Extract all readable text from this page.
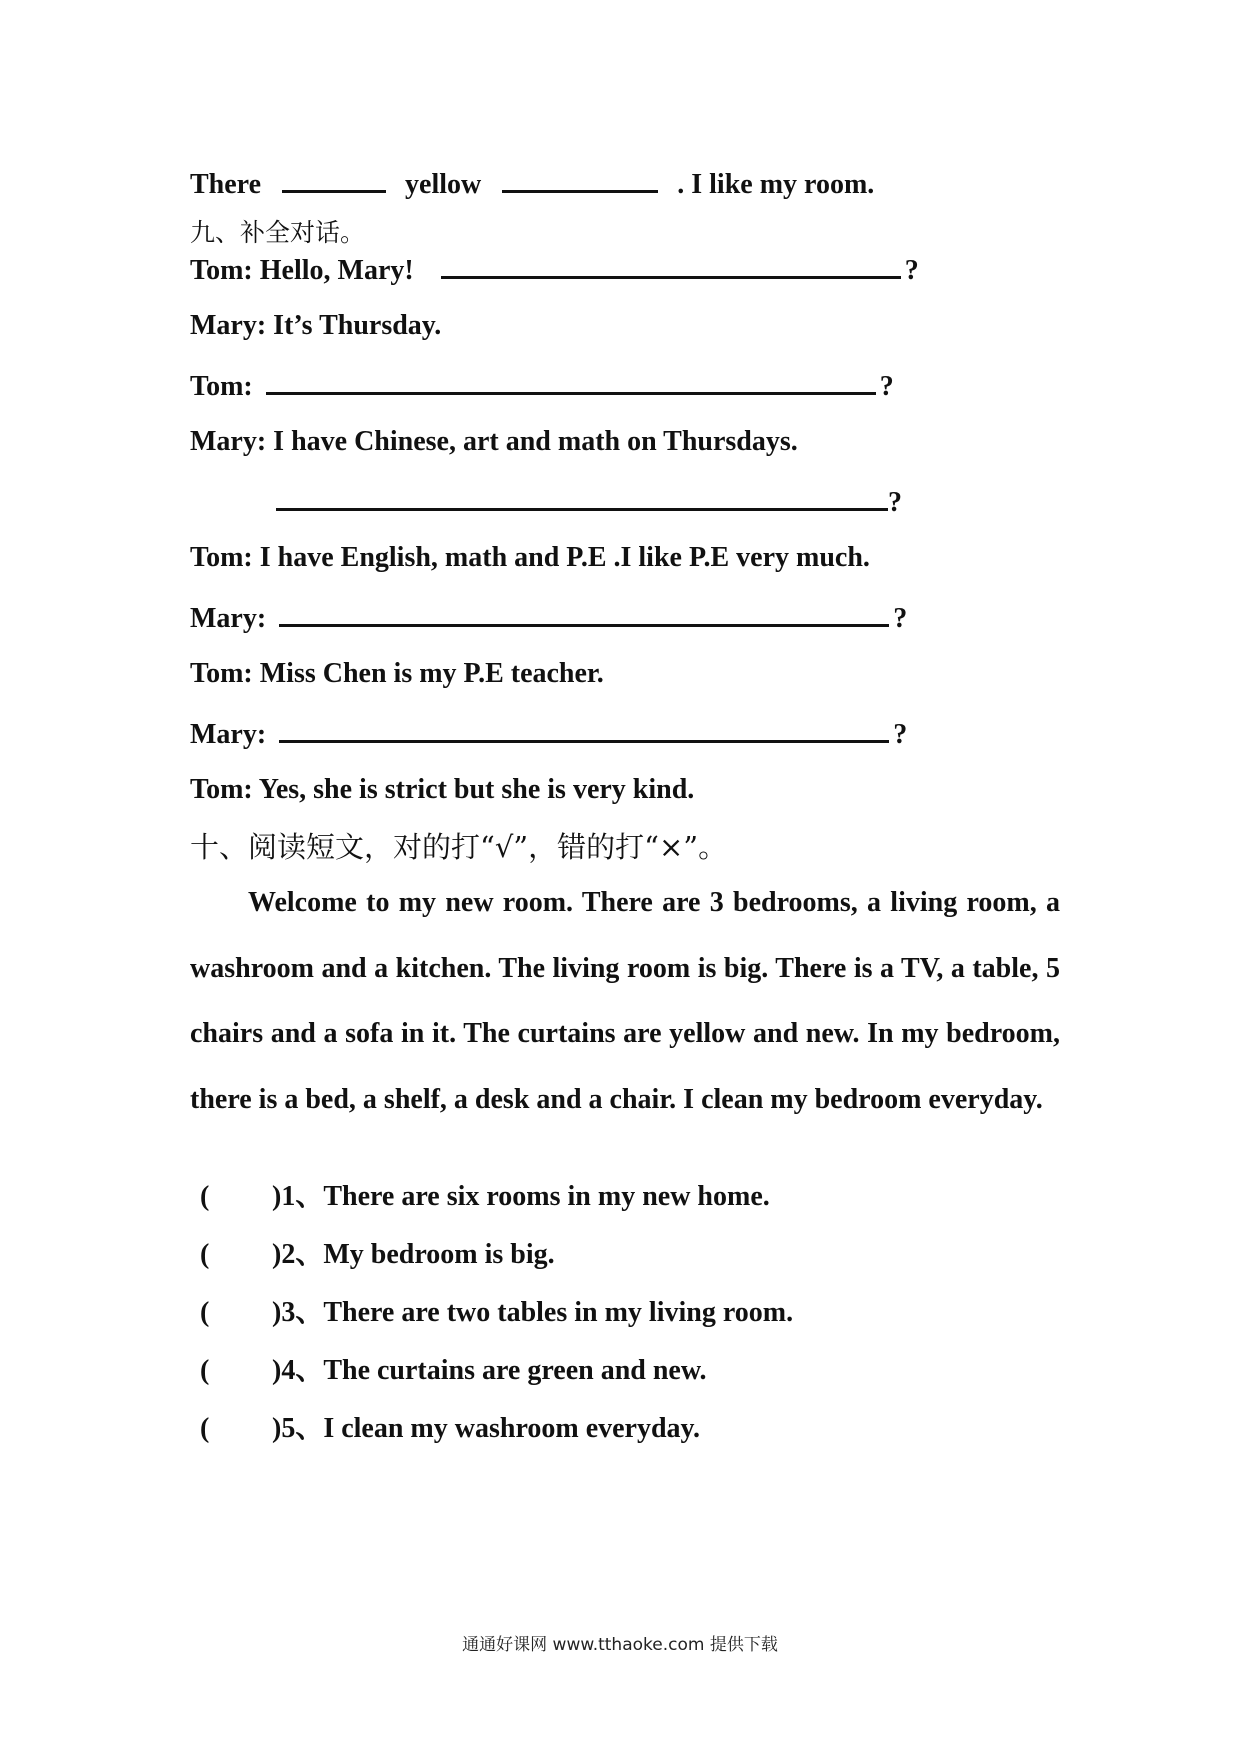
There	yellow	. I like my room.
九、补全对话。
Tom: Hello, Mary!	?
Mary: It’s Thursday.
Tom:	?
Mary: I have Chinese, art and math on Thursdays.
?
Tom: I have English, math and P.E .I like P.E very much.
Mary:	?
Tom: Miss Chen is my P.E teacher.
Mary:	?
Tom: Yes, she is strict but she is very kind.
十、阅读短文，对的打“√”，错的打“×”。
Welcome to my new room. There are 3 bedrooms, a living room, a washroom and a kitchen. The living room is big. There is a TV, a table, 5 chairs and a sofa in it. The curtains are yellow and new. In my bedroom, there is a bed, a shelf, a desk and a chair. I clean my bedroom everyday.
( )1、There are six rooms in my new home.
( )2、My bedroom is big.
( )3、There are two tables in my living room.
( )4、The curtains are green and new.
( )5、I clean my washroom everyday.
通通好课网 www.tthaoke.com 提供下载
